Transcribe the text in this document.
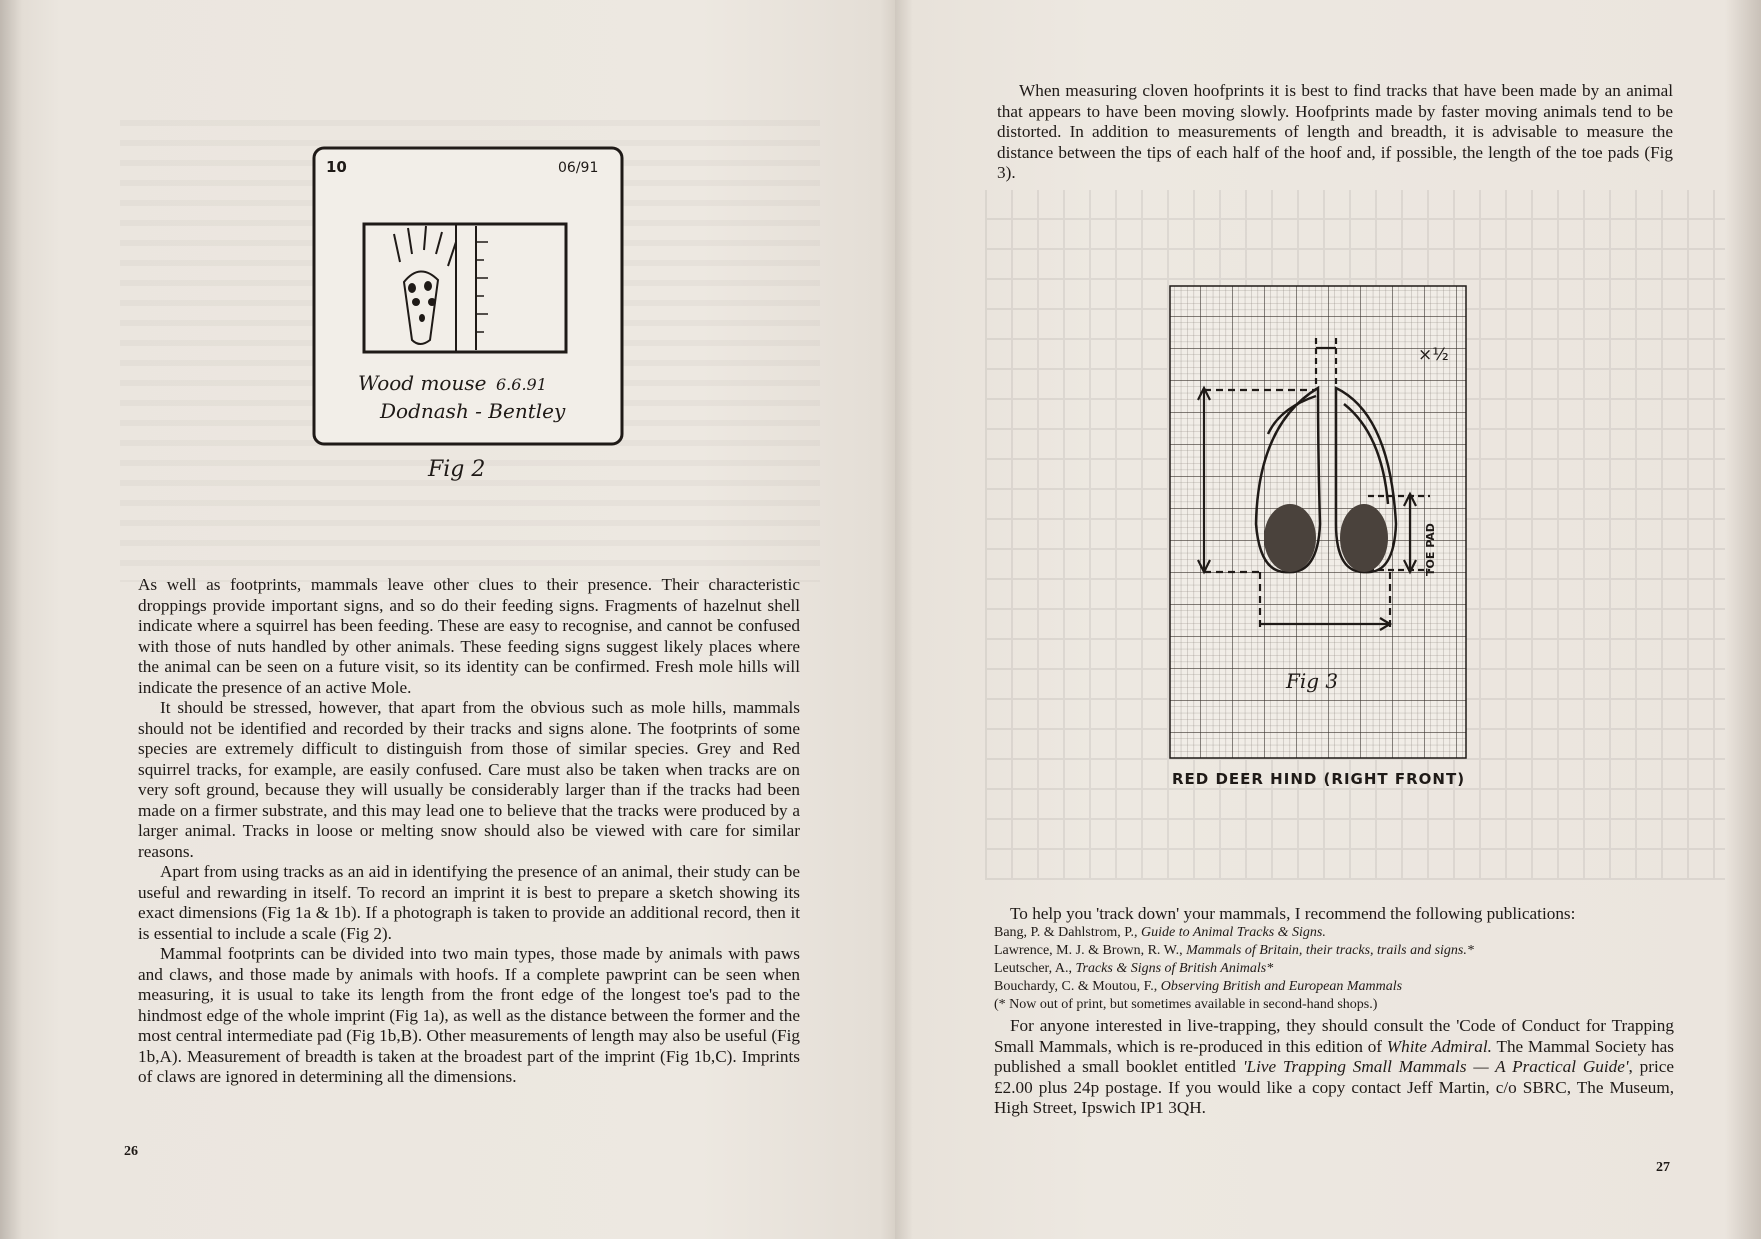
10	06/91
Wood mouse 6.6.91
Dodnash - Bentley
Fig 2

As well as footprints, mammals leave other clues to their presence. Their characteristic droppings provide important signs, and so do their feeding signs. Fragments of hazelnut shell indicate where a squirrel has been feeding. These are easy to recognise, and cannot be confused with those of nuts handled by other animals. These feeding signs suggest likely places where the animal can be seen on a future visit, so its identity can be confirmed. Fresh mole hills will indicate the presence of an active Mole.

It should be stressed, however, that apart from the obvious such as mole hills, mammals should not be identified and recorded by their tracks and signs alone. The footprints of some species are extremely difficult to distinguish from those of similar species. Grey and Red squirrel tracks, for example, are easily confused. Care must also be taken when tracks are on very soft ground, because they will usually be considerably larger than if the tracks had been made on a firmer substrate, and this may lead one to believe that the tracks were produced by a larger animal. Tracks in loose or melting snow should also be viewed with care for similar reasons.

Apart from using tracks as an aid in identifying the presence of an animal, their study can be useful and rewarding in itself. To record an imprint it is best to prepare a sketch showing its exact dimensions (Fig 1a & 1b). If a photograph is taken to provide an additional record, then it is essential to include a scale (Fig 2).

Mammal footprints can be divided into two main types, those made by animals with paws and claws, and those made by animals with hoofs. If a complete pawprint can be seen when measuring, it is usual to take its length from the front edge of the longest toe's pad to the hindmost edge of the whole imprint (Fig 1a), as well as the distance between the former and the most central intermediate pad (Fig 1b,B). Other measurements of length may also be useful (Fig 1b,A). Measurement of breadth is taken at the broadest part of the imprint (Fig 1b,C). Imprints of claws are ignored in determining all the dimensions.

26

When measuring cloven hoofprints it is best to find tracks that have been made by an animal that appears to have been moving slowly. Hoofprints made by faster moving animals tend to be distorted. In addition to measurements of length and breadth, it is advisable to measure the distance between the tips of each half of the hoof and, if possible, the length of the toe pads (Fig 3).

×½
TOE PAD
Fig 3
RED DEER HIND (RIGHT FRONT)

To help you 'track down' your mammals, I recommend the following publications:

Bang, P. & Dahlstrom, P., Guide to Animal Tracks & Signs.

Lawrence, M. J. & Brown, R. W., Mammals of Britain, their tracks, trails and signs.*

Leutscher, A., Tracks & Signs of British Animals*

Bouchardy, C. & Moutou, F., Observing British and European Mammals

(* Now out of print, but sometimes available in second-hand shops.)

For anyone interested in live-trapping, they should consult the 'Code of Conduct for Trapping Small Mammals, which is re-produced in this edition of White Admiral. The Mammal Society has published a small booklet entitled 'Live Trapping Small Mammals — A Practical Guide', price £2.00 plus 24p postage. If you would like a copy contact Jeff Martin, c/o SBRC, The Museum, High Street, Ipswich IP1 3QH.

27
